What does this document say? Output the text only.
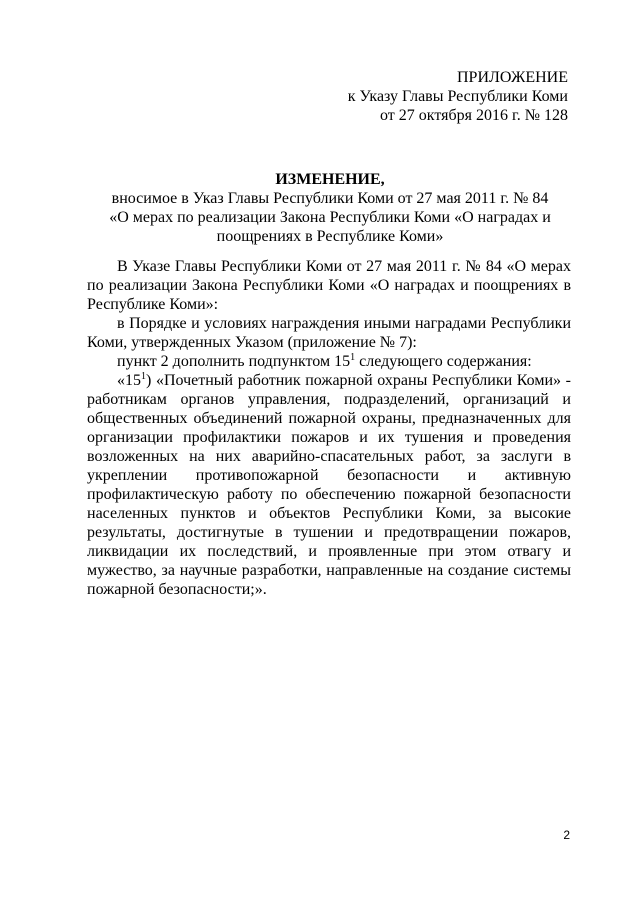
ПРИЛОЖЕНИЕ
к Указу Главы Республики Коми
от 27 октября 2016 г. № 128
ИЗМЕНЕНИЕ,
вносимое в Указ Главы Республики Коми от 27 мая 2011 г. № 84
«О мерах по реализации Закона Республики Коми «О наградах и
поощрениях в Республике Коми»

В Указе Главы Республики Коми от 27 мая 2011 г. № 84 «О мерах по реализации Закона Республики Коми «О наградах и поощрениях в Республике Коми»:

в Порядке и условиях награждения иными наградами Республики Коми, утвержденных Указом (приложение № 7):

пункт 2 дополнить подпунктом $15^1$ следующего содержания:

«$15^1$) «Почетный работник пожарной охраны Республики Коми» - работникам органов управления, подразделений, организаций и общественных объединений пожарной охраны, предназначенных для организации профилактики пожаров и их тушения и проведения возложенных на них аварийно-спасательных работ, за заслуги в укреплении противопожарной безопасности и активную профилактическую работу по обеспечению пожарной безопасности населенных пунктов и объектов Республики Коми, за высокие результаты, достигнутые в тушении и предотвращении пожаров, ликвидации их последствий, и проявленные при этом отвагу и мужество, за научные разработки, направленные на создание системы пожарной безопасности;».

2
